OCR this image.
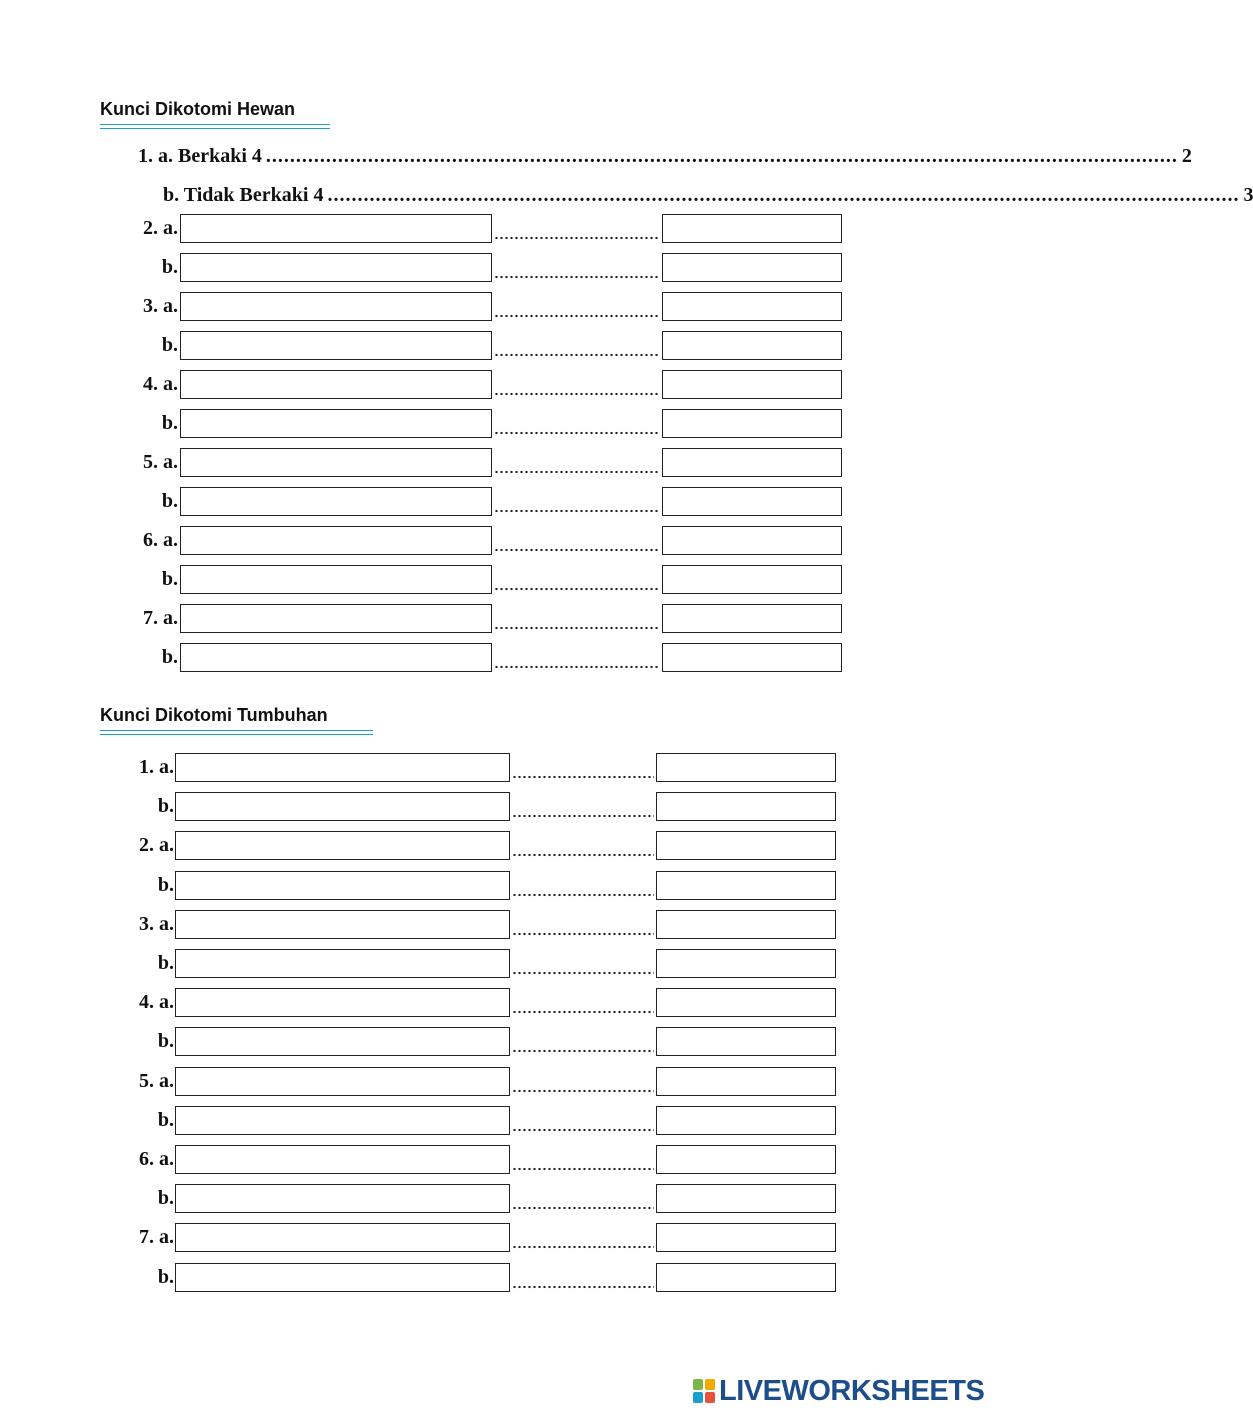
Kunci Dikotomi Hewan
1. a. Berkaki 4 ........................................................................................................................................................ 2
b. Tidak Berkaki 4 ........................................................................................................................................................ 3
2. a.
b.
3. a.
b.
4. a.
b.
5. a.
b.
6. a.
b.
7. a.
b.
Kunci Dikotomi Tumbuhan
1. a.
b.
2. a.
b.
3. a.
b.
4. a.
b.
5. a.
b.
6. a.
b.
7. a.
b.
LIVEWORKSHEETS
